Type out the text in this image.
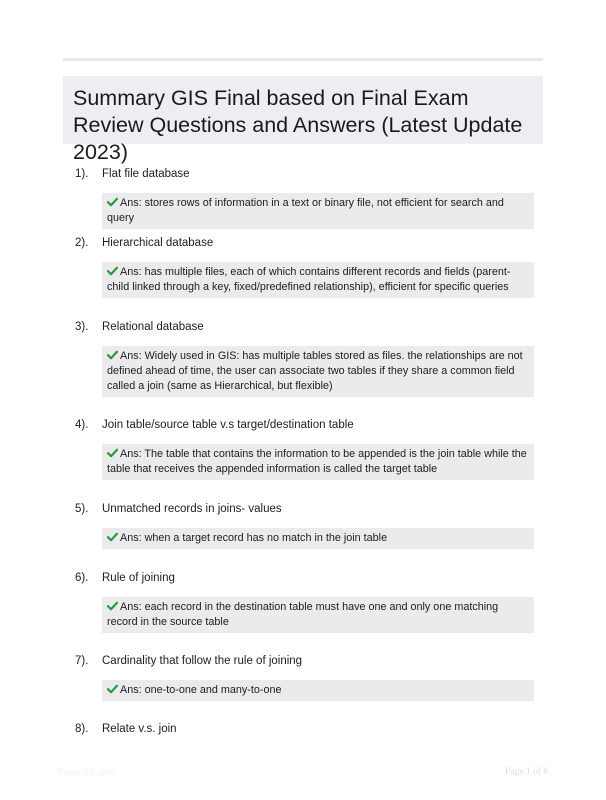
Summary GIS Final based on Final Exam Review Questions and Answers (Latest Update 2023)
1). Flat file database
Ans: stores rows of information in a text or binary file, not efficient for search and query
2). Hierarchical database
Ans: has multiple files, each of which contains different records and fields (parent-child linked through a key, fixed/predefined relationship), efficient for specific queries
3). Relational database
Ans: Widely used in GIS: has multiple tables stored as files. the relationships are not defined ahead of time, the user can associate two tables if they share a common field called a join (same as Hierarchical, but flexible)
4). Join table/source table v.s target/destination table
Ans: The table that contains the information to be appended is the join table while the table that receives the appended information is called the target table
5). Unmatched records in joins- values
Ans: when a target record has no match in the join table
6). Rule of joining
Ans: each record in the destination table must have one and only one matching record in the source table
7). Cardinality that follow the rule of joining
Ans: one-to-one and many-to-one
8). Relate v.s. join
Papertific.com	Page 1 of 8
